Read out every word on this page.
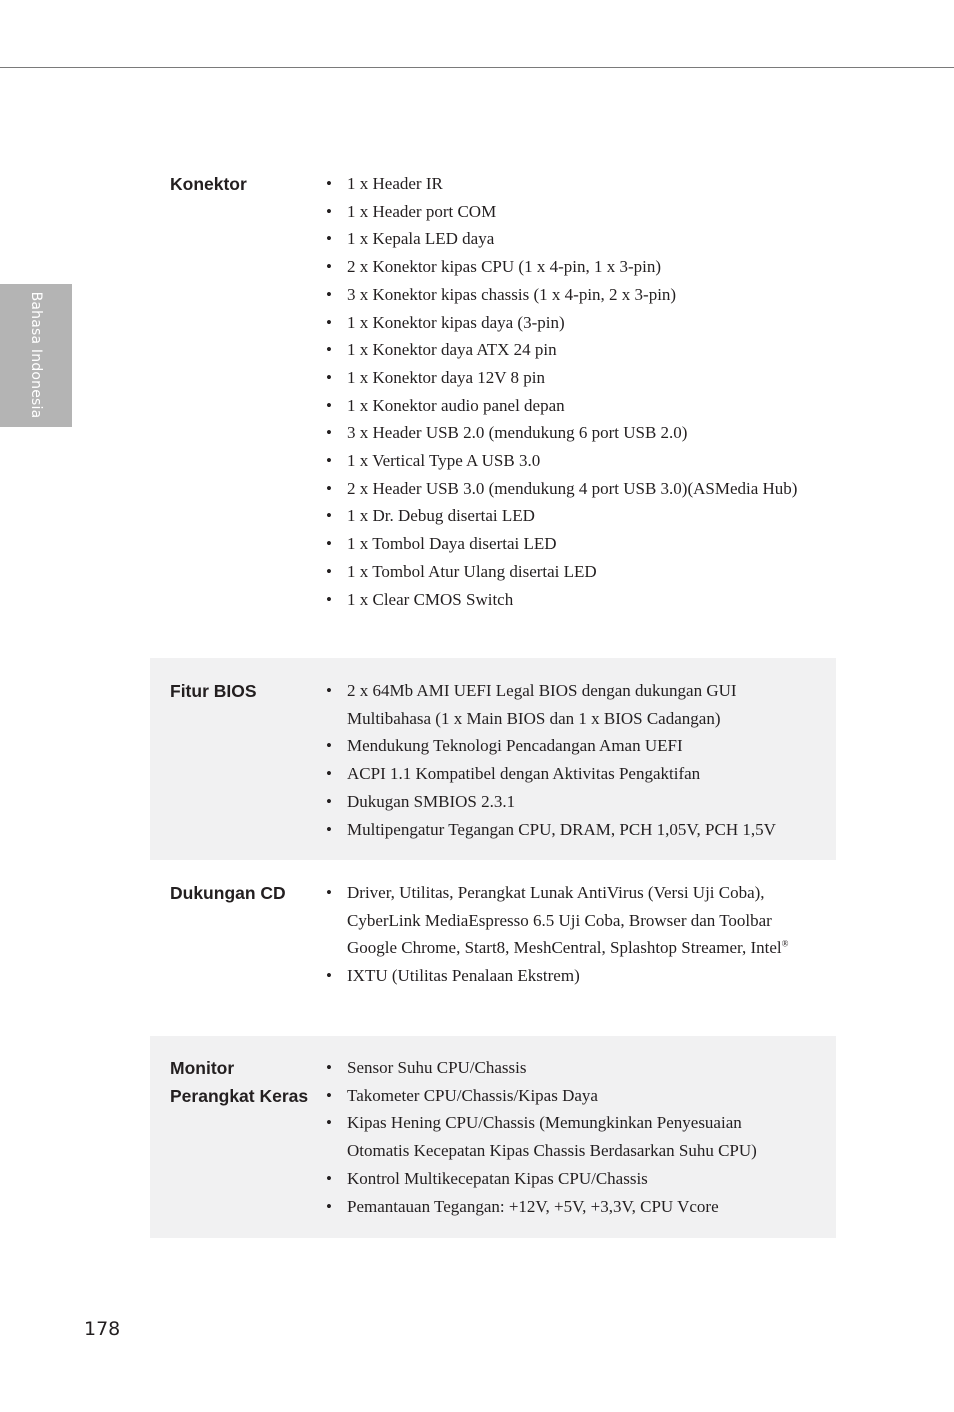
Bahasa Indonesia
Konektor	• 1 x Header IR
• 1 x Header port COM
• 1 x Kepala LED daya
• 2 x Konektor kipas CPU (1 x 4-pin, 1 x 3-pin)
• 3 x Konektor kipas chassis (1 x 4-pin, 2 x 3-pin)
• 1 x Konektor kipas daya (3-pin)
• 1 x Konektor daya ATX 24 pin
• 1 x Konektor daya 12V 8 pin
• 1 x Konektor audio panel depan
• 3 x Header USB 2.0 (mendukung 6 port USB 2.0)
• 1 x Vertical Type A USB 3.0
• 2 x Header USB 3.0 (mendukung 4 port USB 3.0)(ASMedia Hub)
• 1 x Dr. Debug disertai LED
• 1 x Tombol Daya disertai LED
• 1 x Tombol Atur Ulang disertai LED
• 1 x Clear CMOS Switch
Fitur BIOS	• 2 x 64Mb AMI UEFI Legal BIOS dengan dukungan GUI Multibahasa (1 x Main BIOS dan 1 x BIOS Cadangan)
• Mendukung Teknologi Pencadangan Aman UEFI
• ACPI 1.1 Kompatibel dengan Aktivitas Pengaktifan
• Dukugan SMBIOS 2.3.1
• Multipengatur Tegangan CPU, DRAM, PCH 1,05V, PCH 1,5V
Dukungan CD	• Driver, Utilitas, Perangkat Lunak AntiVirus (Versi Uji Coba), CyberLink MediaEspresso 6.5 Uji Coba, Browser dan Toolbar Google Chrome, Start8, MeshCentral, Splashtop Streamer, Intel®
• IXTU (Utilitas Penalaan Ekstrem)
Monitor Perangkat Keras
• Sensor Suhu CPU/Chassis
• Takometer CPU/Chassis/Kipas Daya
• Kipas Hening CPU/Chassis (Memungkinkan Penyesuaian Otomatis Kecepatan Kipas Chassis Berdasarkan Suhu CPU)
• Kontrol Multikecepatan Kipas CPU/Chassis
• Pemantauan Tegangan: +12V, +5V, +3,3V, CPU Vcore
178
